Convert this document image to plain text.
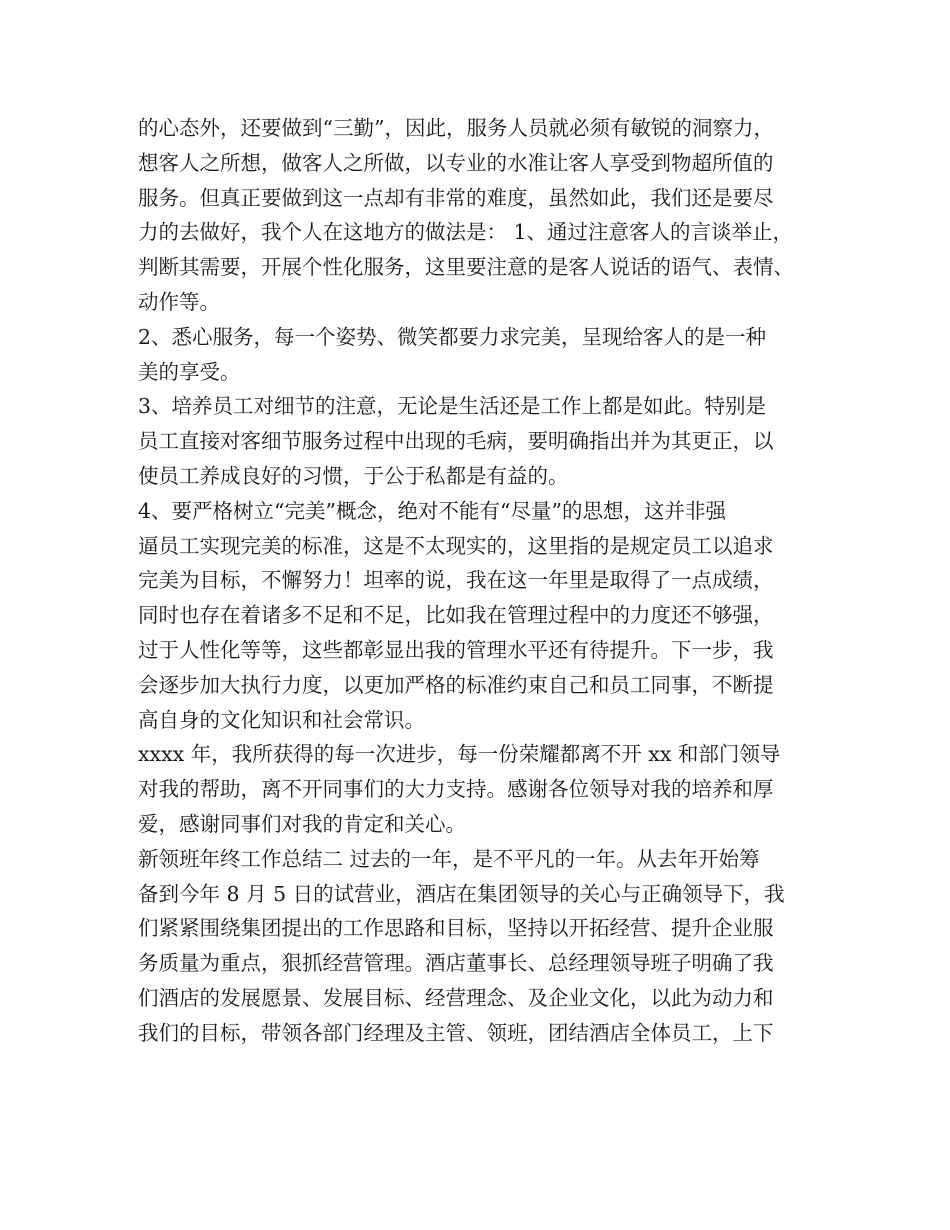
的心态外，还要做到“三勤”，因此，服务人员就必须有敏锐的洞察力，
想客人之所想，做客人之所做，以专业的水准让客人享受到物超所值的
服务。但真正要做到这一点却有非常的难度，虽然如此，我们还是要尽
力的去做好，我个人在这地方的做法是： 1、通过注意客人的言谈举止，
判断其需要，开展个性化服务，这里要注意的是客人说话的语气、表情、
动作等。
2、悉心服务，每一个姿势、微笑都要力求完美，呈现给客人的是一种
美的享受。
3、培养员工对细节的注意，无论是生活还是工作上都是如此。特别是
员工直接对客细节服务过程中出现的毛病，要明确指出并为其更正，以
使员工养成良好的习惯，于公于私都是有益的。
4、要严格树立“完美”概念，绝对不能有“尽量”的思想，这并非强
逼员工实现完美的标准，这是不太现实的，这里指的是规定员工以追求
完美为目标，不懈努力！坦率的说，我在这一年里是取得了一点成绩，
同时也存在着诸多不足和不足，比如我在管理过程中的力度还不够强，
过于人性化等等，这些都彰显出我的管理水平还有待提升。下一步，我
会逐步加大执行力度，以更加严格的标准约束自己和员工同事，不断提
高自身的文化知识和社会常识。
xxxx 年，我所获得的每一次进步，每一份荣耀都离不开 xx 和部门领导
对我的帮助，离不开同事们的大力支持。感谢各位领导对我的培养和厚
爱，感谢同事们对我的肯定和关心。
新领班年终工作总结二 过去的一年，是不平凡的一年。从去年开始筹
备到今年 8 月 5 日的试营业，酒店在集团领导的关心与正确领导下，我
们紧紧围绕集团提出的工作思路和目标，坚持以开拓经营、提升企业服
务质量为重点，狠抓经营管理。酒店董事长、总经理领导班子明确了我
们酒店的发展愿景、发展目标、经营理念、及企业文化，以此为动力和
我们的目标，带领各部门经理及主管、领班，团结酒店全体员工，上下
